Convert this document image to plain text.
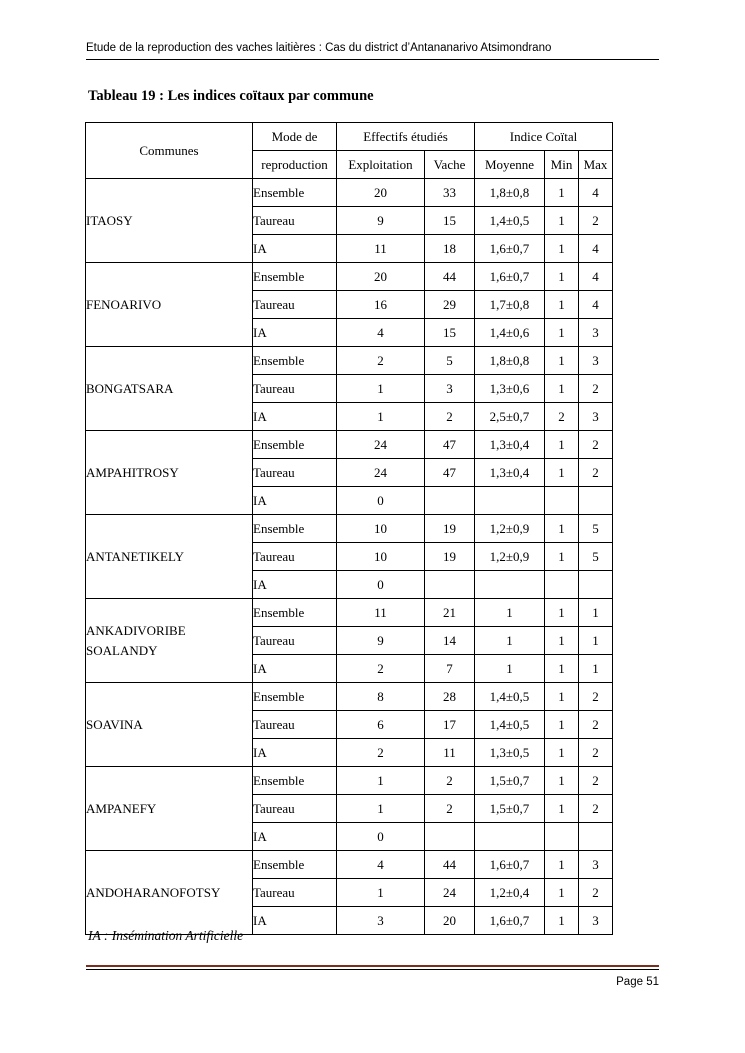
Etude de la reproduction des vaches laitières : Cas du district d’Antananarivo Atsimondrano
Tableau 19 : Les indices coïtaux par commune
Communes	Mode de	Effectifs étudiés		Indice Coïtal		
	reproduction	Exploitation	Vache	Moyenne	Min	Max
ITAOSY	Ensemble	20	33	1,8±0,8	1	4
	Taureau	9	15	1,4±0,5	1	2
	IA	11	18	1,6±0,7	1	4
FENOARIVO	Ensemble	20	44	1,6±0,7	1	4
	Taureau	16	29	1,7±0,8	1	4
	IA	4	15	1,4±0,6	1	3
BONGATSARA	Ensemble	2	5	1,8±0,8	1	3
	Taureau	1	3	1,3±0,6	1	2
	IA	1	2	2,5±0,7	2	3
AMPAHITROSY	Ensemble	24	47	1,3±0,4	1	2
	Taureau	24	47	1,3±0,4	1	2
	IA	0				
ANTANETIKELY	Ensemble	10	19	1,2±0,9	1	5
	Taureau	10	19	1,2±0,9	1	5
	IA	0				
ANKADIVORIBE SOALANDY	Ensemble	11	21	1	1	1
	Taureau	9	14	1	1	1
	IA	2	7	1	1	1
SOAVINA	Ensemble	8	28	1,4±0,5	1	2
	Taureau	6	17	1,4±0,5	1	2
	IA	2	11	1,3±0,5	1	2
AMPANEFY	Ensemble	1	2	1,5±0,7	1	2
	Taureau	1	2	1,5±0,7	1	2
	IA	0				
ANDOHARANOFOTSY	Ensemble	4	44	1,6±0,7	1	3
	Taureau	1	24	1,2±0,4	1	2
	IA	3	20	1,6±0,7	1	3
IA : Insémination Artificielle
Page 51
